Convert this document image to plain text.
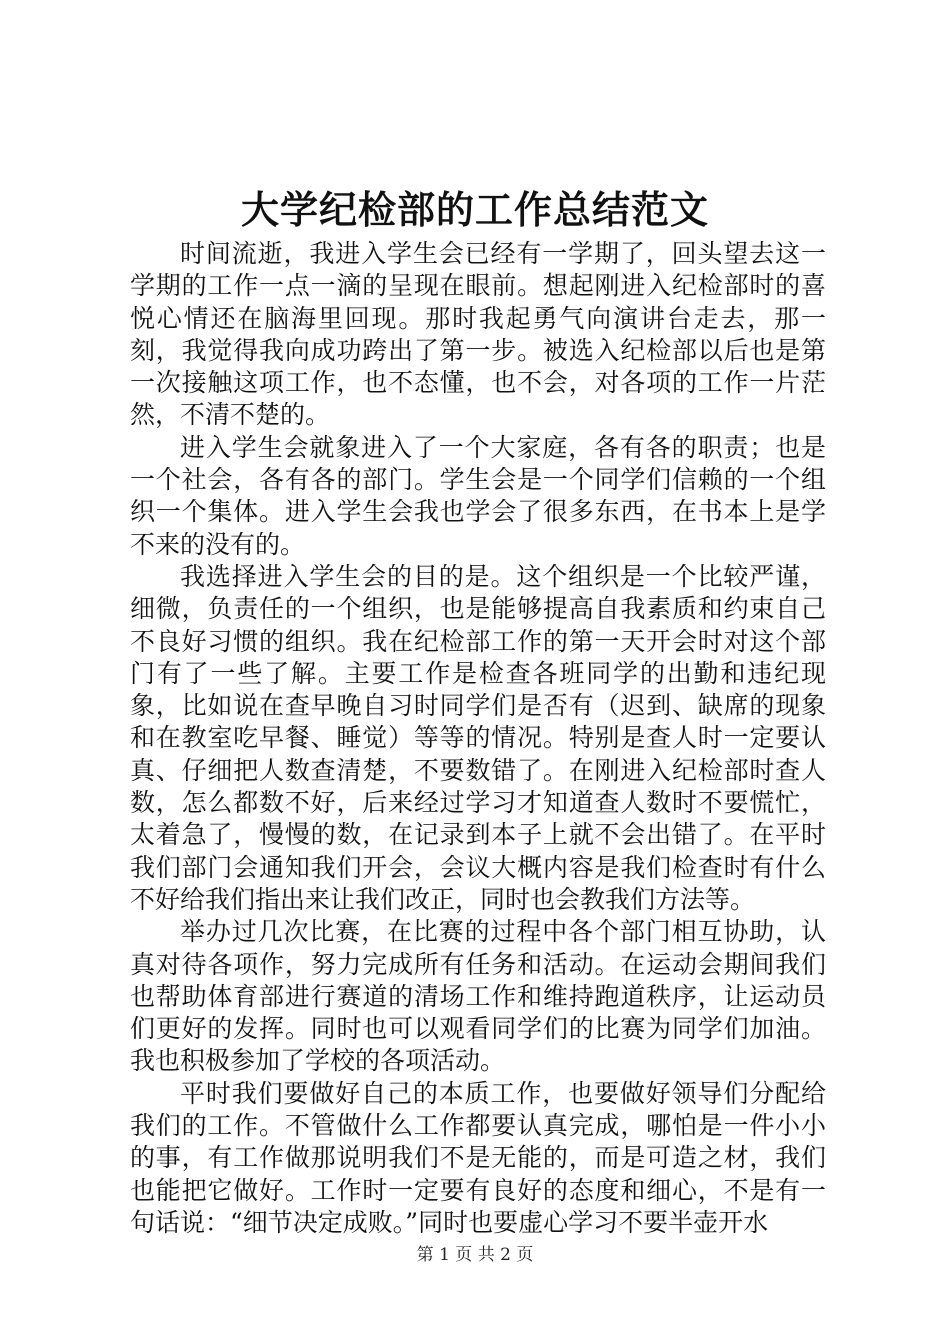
大学纪检部的工作总结范文

时间流逝，我进入学生会已经有一学期了，回头望去这一学期的工作一点一滴的呈现在眼前。想起刚进入纪检部时的喜悦心情还在脑海里回现。那时我起勇气向演讲台走去，那一刻，我觉得我向成功跨出了第一步。被选入纪检部以后也是第一次接触这项工作，也不态懂，也不会，对各项的工作一片茫然，不清不楚的。

进入学生会就象进入了一个大家庭，各有各的职责；也是一个社会，各有各的部门。学生会是一个同学们信赖的一个组织一个集体。进入学生会我也学会了很多东西，在书本上是学不来的没有的。

我选择进入学生会的目的是。这个组织是一个比较严谨，细微，负责任的一个组织，也是能够提高自我素质和约束自己不良好习惯的组织。我在纪检部工作的第一天开会时对这个部门有了一些了解。主要工作是检查各班同学的出勤和违纪现象，比如说在查早晚自习时同学们是否有（迟到、缺席的现象和在教室吃早餐、睡觉）等等的情况。特别是查人时一定要认真、仔细把人数查清楚，不要数错了。在刚进入纪检部时查人数，怎么都数不好，后来经过学习才知道查人数时不要慌忙，太着急了，慢慢的数，在记录到本子上就不会出错了。在平时我们部门会通知我们开会，会议大概内容是我们检查时有什么不好给我们指出来让我们改正，同时也会教我们方法等。

举办过几次比赛，在比赛的过程中各个部门相互协助，认真对待各项作，努力完成所有任务和活动。在运动会期间我们也帮助体育部进行赛道的清场工作和维持跑道秩序，让运动员们更好的发挥。同时也可以观看同学们的比赛为同学们加油。我也积极参加了学校的各项活动。

平时我们要做好自己的本质工作，也要做好领导们分配给我们的工作。不管做什么工作都要认真完成，哪怕是一件小小的事，有工作做那说明我们不是无能的，而是可造之材，我们也能把它做好。工作时一定要有良好的态度和细心，不是有一句话说：“细节决定成败。”同时也要虚心学习不要半壶开水

第 1 页 共 2 页
